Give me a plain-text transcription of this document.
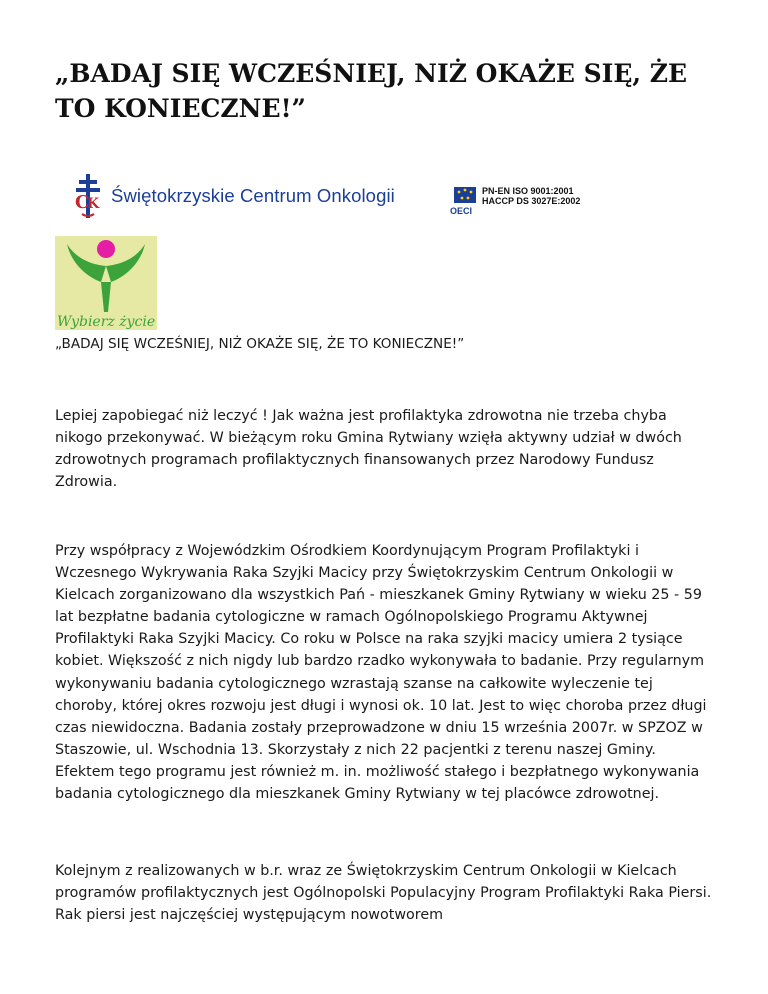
„BADAJ SIĘ WCZEŚNIEJ, NIŻ OKAŻE SIĘ, ŻE TO KONIECZNE!”
C
K Świętokrzyskie Centrum Onkologii
OECI
PN-EN ISO 9001:2001
HACCP DS 3027E:2002
Wybierz życie

„BADAJ SIĘ WCZEŚNIEJ, NIŻ OKAŻE SIĘ, ŻE TO KONIECZNE!”

Lepiej zapobiegać niż leczyć ! Jak ważna jest profilaktyka zdrowotna nie trzeba chyba nikogo przekonywać. W bieżącym roku Gmina Rytwiany wzięła aktywny udział w dwóch zdrowotnych programach profilaktycznych finansowanych przez Narodowy Fundusz Zdrowia.

Przy współpracy z Wojewódzkim Ośrodkiem Koordynującym Program Profilaktyki i Wczesnego Wykrywania Raka Szyjki Macicy przy Świętokrzyskim Centrum Onkologii w Kielcach zorganizowano dla wszystkich Pań - mieszkanek Gminy Rytwiany w wieku 25 - 59 lat bezpłatne badania cytologiczne w ramach Ogólnopolskiego Programu Aktywnej Profilaktyki Raka Szyjki Macicy. Co roku w Polsce na raka szyjki macicy umiera 2 tysiące kobiet. Większość z nich nigdy lub bardzo rzadko wykonywała to badanie. Przy regularnym wykonywaniu badania cytologicznego wzrastają szanse na całkowite wyleczenie tej choroby, której okres rozwoju jest długi i wynosi ok. 10 lat. Jest to więc choroba przez długi czas niewidoczna. Badania zostały przeprowadzone w dniu 15 września 2007r. w SPZOZ w Staszowie, ul. Wschodnia 13. Skorzystały z nich 22 pacjentki z terenu naszej Gminy. Efektem tego programu jest również m. in. możliwość stałego i bezpłatnego wykonywania badania cytologicznego dla mieszkanek Gminy Rytwiany w tej placówce zdrowotnej.

Kolejnym z realizowanych w b.r. wraz ze Świętokrzyskim Centrum Onkologii w Kielcach programów profilaktycznych jest Ogólnopolski Populacyjny Program Profilaktyki Raka Piersi. Rak piersi jest najczęściej występującym nowotworem
